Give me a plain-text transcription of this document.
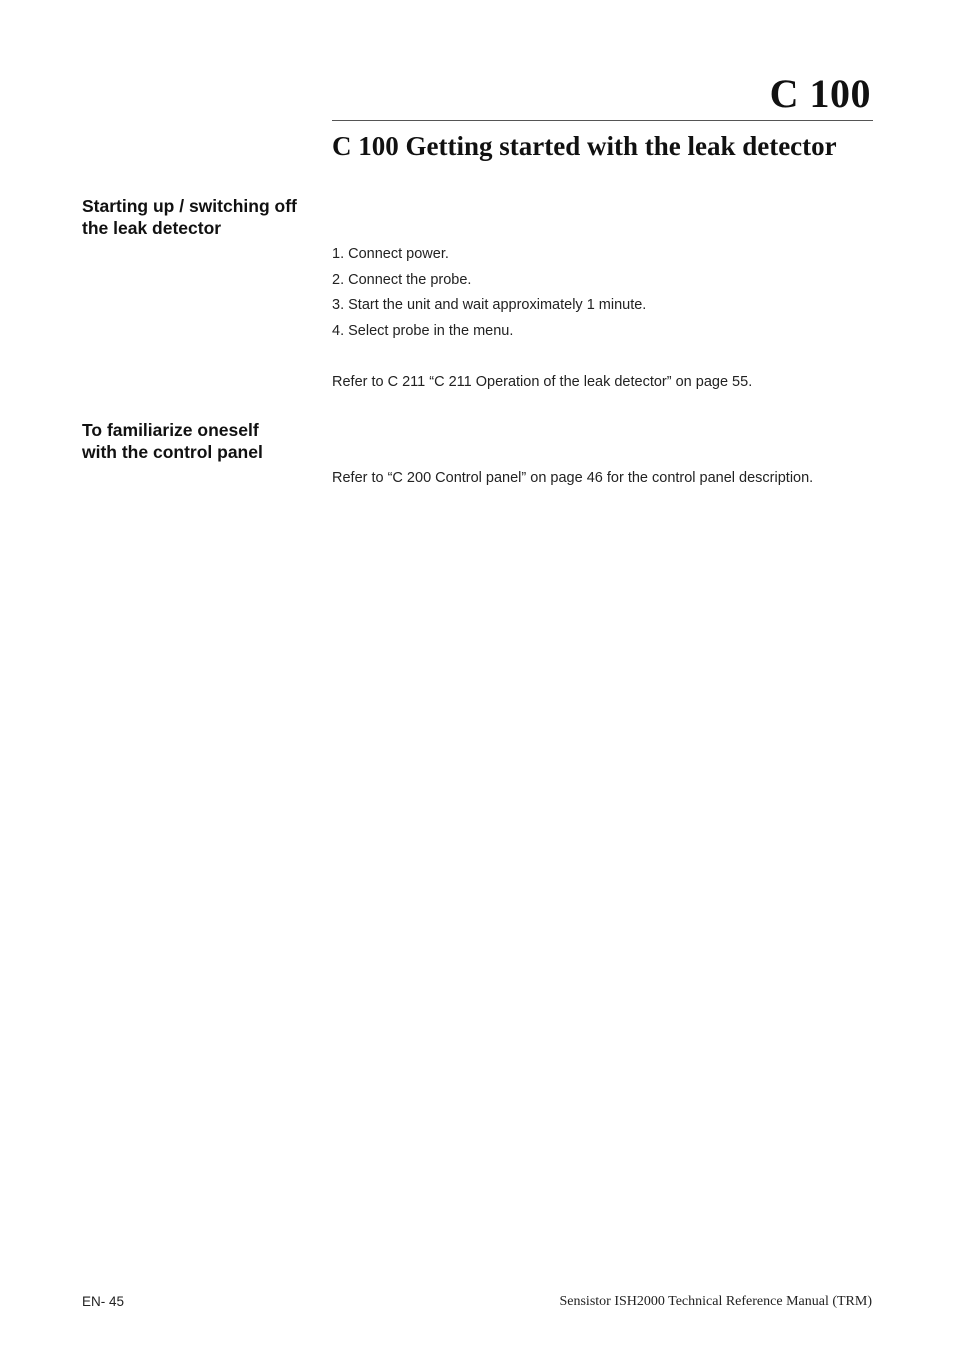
C 100
C 100 Getting started with the leak detector
Starting up / switching off
the leak detector
1. Connect power.
2. Connect the probe.
3. Start the unit and wait approximately 1 minute.
4. Select probe in the menu.

Refer to C 211 “C 211 Operation of the leak detector” on page 55.

To familiarize oneself
with the control panel

Refer to “C 200 Control panel” on page 46 for the control panel description.

EN- 45	Sensistor ISH2000 Technical Reference Manual (TRM)
